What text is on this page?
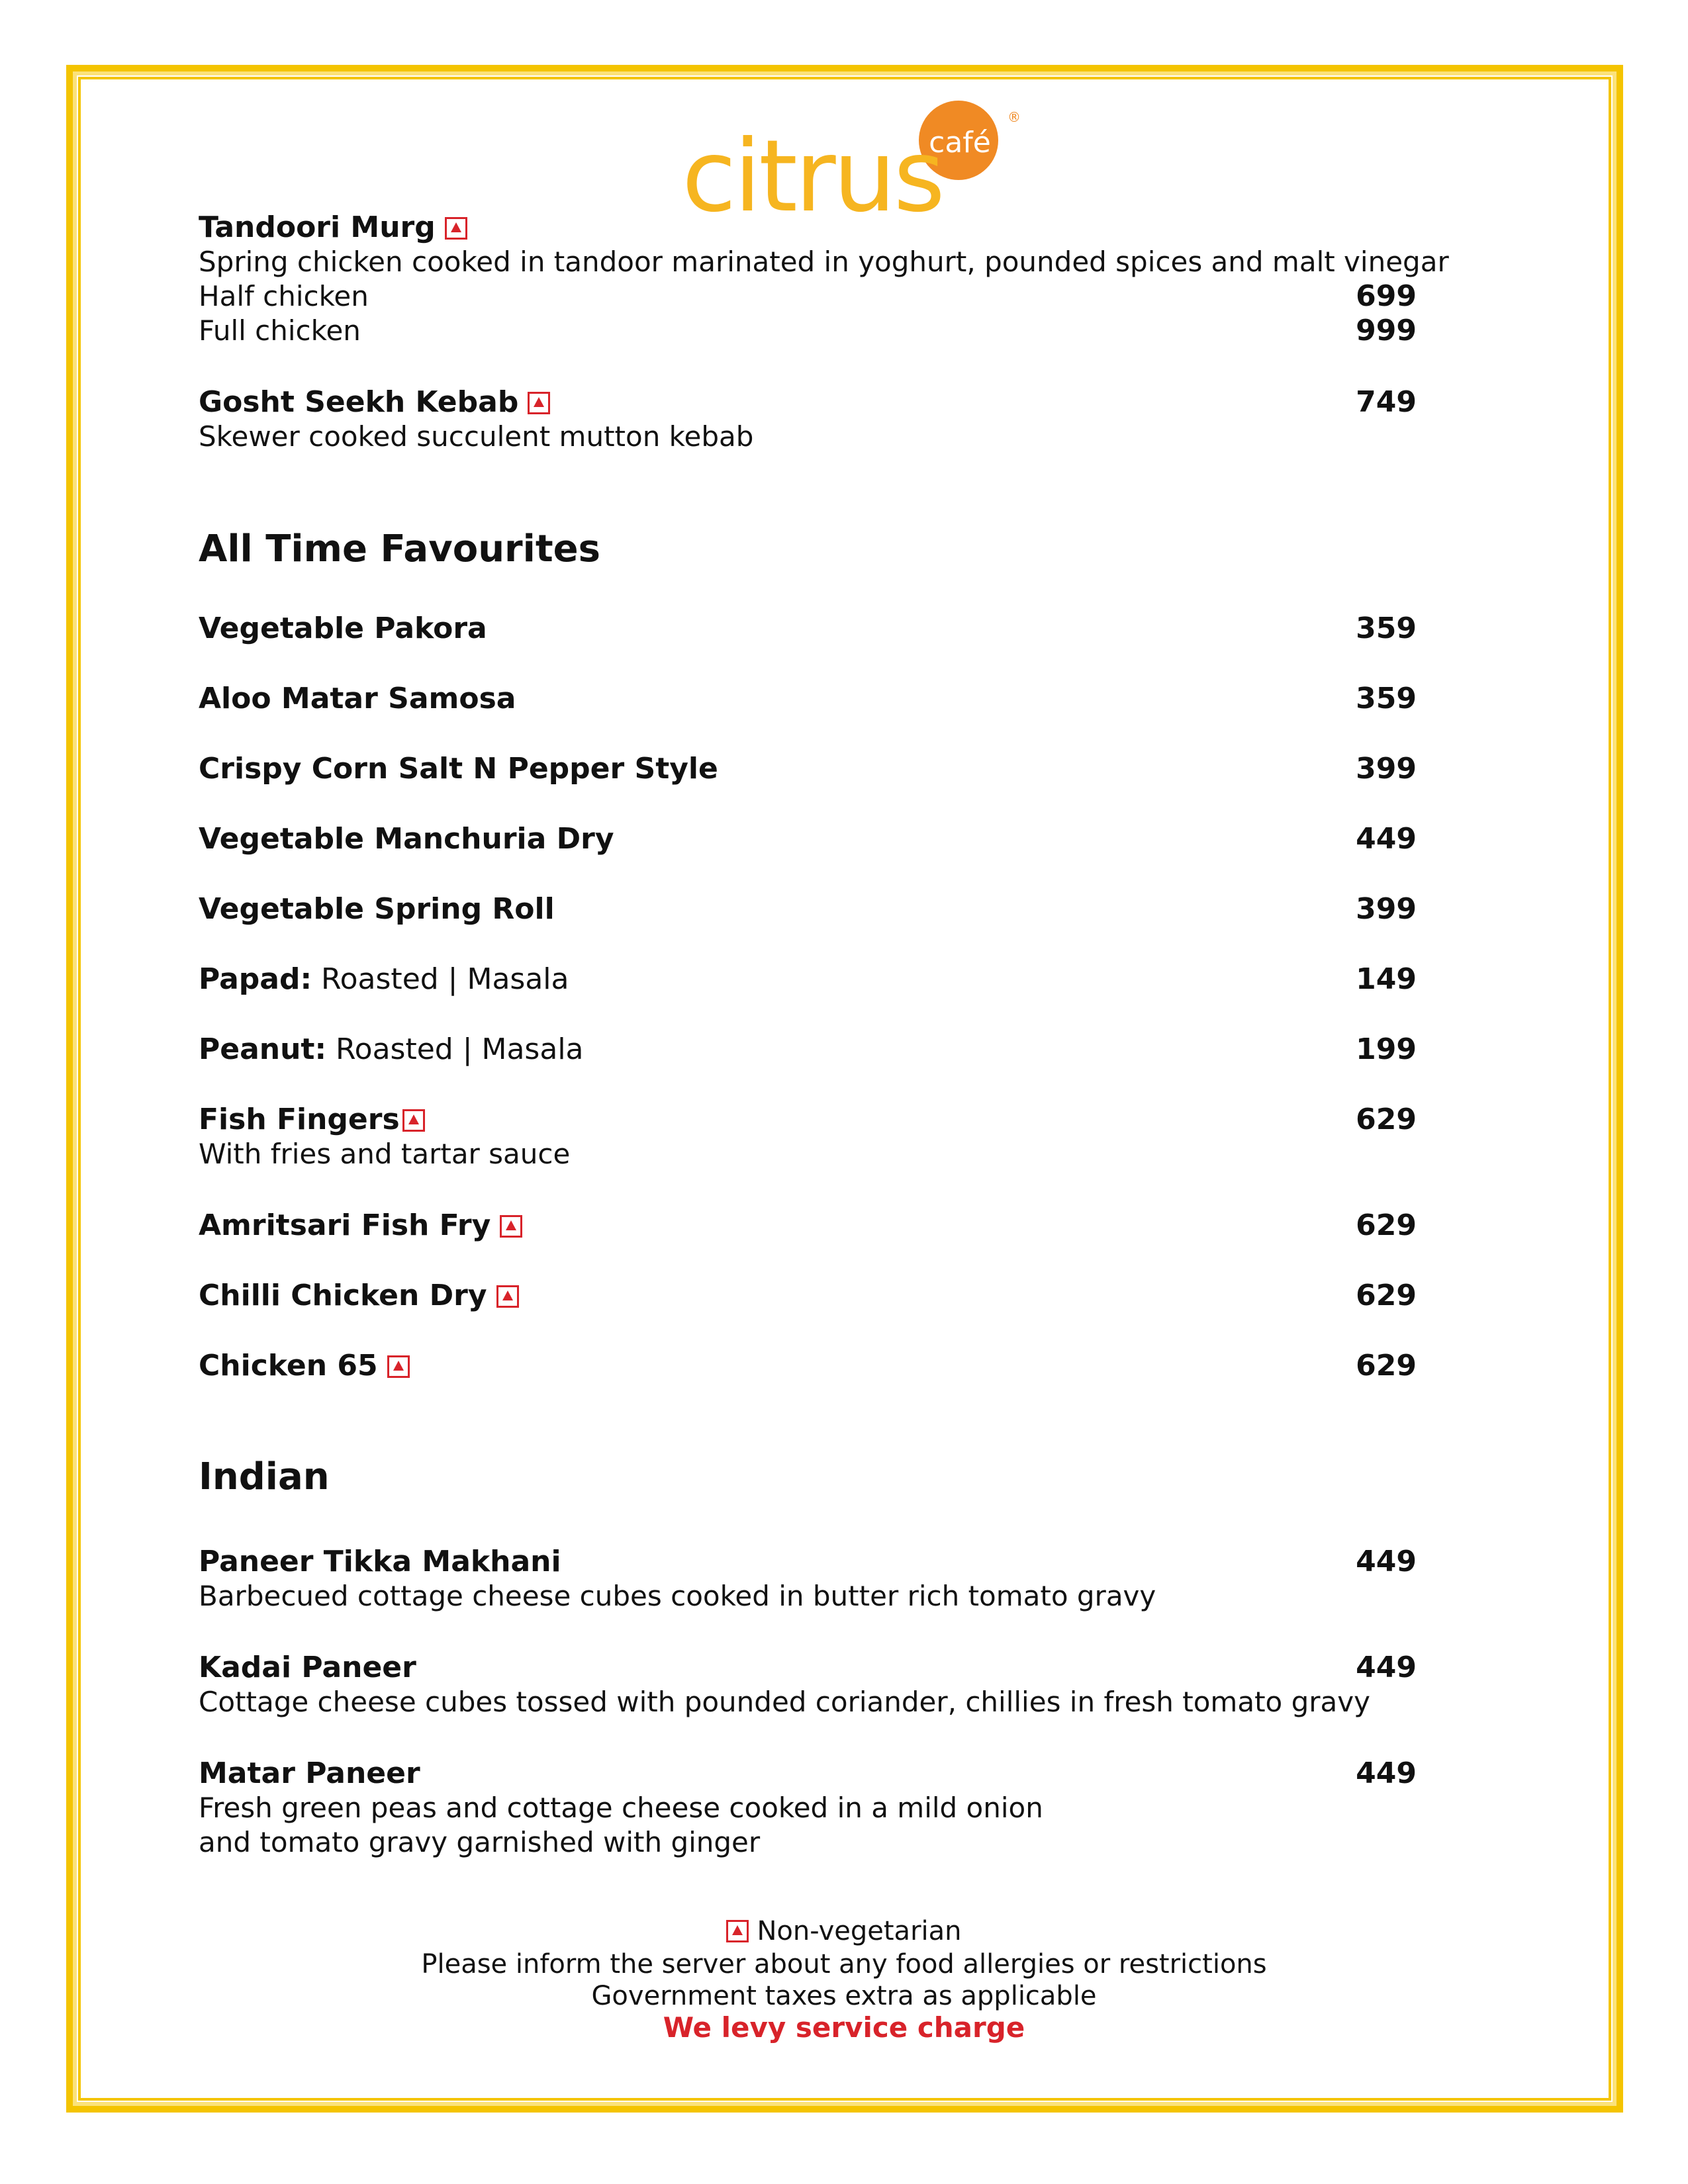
café
®
citrus
Tandoori Murg
Spring chicken cooked in tandoor marinated in yoghurt, pounded spices and malt vinegar
Half chicken	699
Full chicken	999
Gosht Seekh Kebab	749
Skewer cooked succulent mutton kebab
All Time Favourites
Vegetable Pakora	359
Aloo Matar Samosa	359
Crispy Corn Salt N Pepper Style	399
Vegetable Manchuria Dry	449
Vegetable Spring Roll	399
Papad: Roasted | Masala	149
Peanut: Roasted | Masala	199
Fish Fingers	629
With fries and tartar sauce
Amritsari Fish Fry	629
Chilli Chicken Dry	629
Chicken 65	629
Indian
Paneer Tikka Makhani	449
Barbecued cottage cheese cubes cooked in butter rich tomato gravy
Kadai Paneer	449
Cottage cheese cubes tossed with pounded coriander, chillies in fresh tomato gravy
Matar Paneer	449
Fresh green peas and cottage cheese cooked in a mild onion
and tomato gravy garnished with ginger
Non-vegetarian
Please inform the server about any food allergies or restrictions
Government taxes extra as applicable
We levy service charge
